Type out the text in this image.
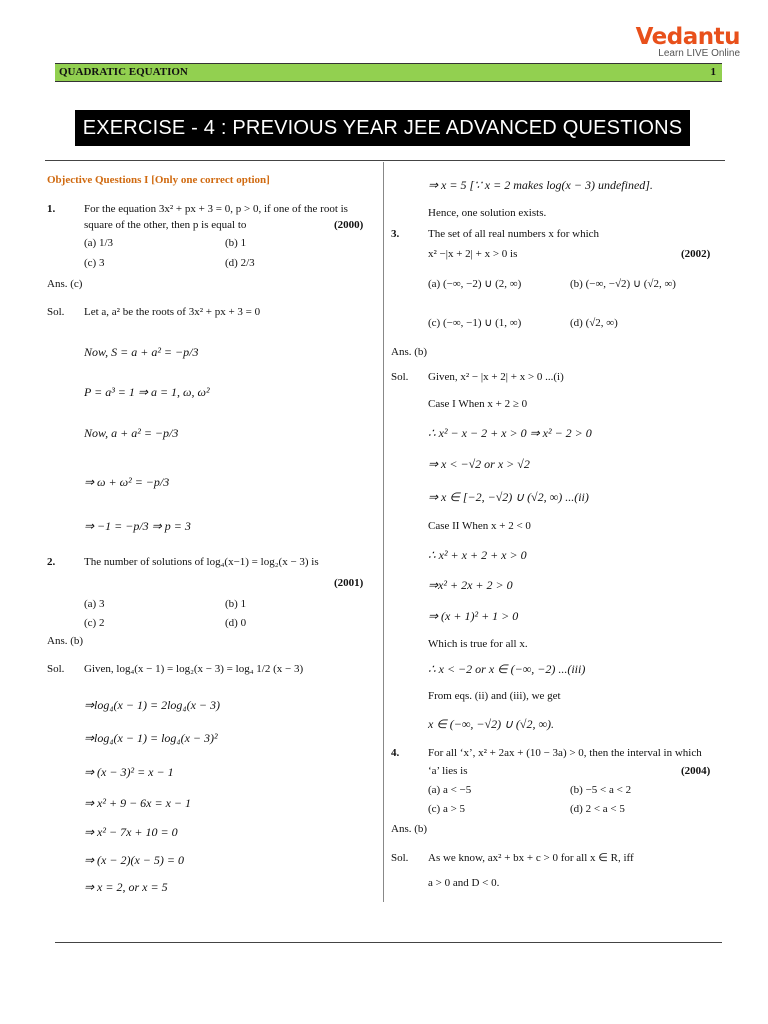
Vedantu
Learn LIVE Online
QUADRATIC EQUATION	1
EXERCISE - 4 : PREVIOUS YEAR JEE ADVANCED QUESTIONS
Objective Questions I [Only one correct option]
1.	For the equation 3x² + px + 3 = 0, p > 0, if one of the root is
square of the other, then p is equal to	(2000)
(a) 1/3	(b) 1
(c) 3	(d) 2/3
Ans. (c)
Sol. Let a, a² be the roots of 3x² + px + 3 = 0
Now, S = a + a² = −p/3
P = a³ = 1 ⇒ a = 1, ω, ω²
Now, a + a² = −p/3
⇒ ω + ω² = −p/3
⇒ −1 = −p/3 ⇒ p = 3
2.	The number of solutions of log₄(x−1) = log₂(x − 3) is
(2001)
(a) 3	(b) 1
(c) 2	(d) 0
Ans. (b)
Sol. Given, log₄(x − 1) = log₂(x − 3) = log₄ 1/2 (x − 3)
⇒log₄(x − 1) = 2log₄(x − 3)
⇒log₄(x − 1) = log₄(x − 3)²
⇒ (x − 3)² = x − 1
⇒ x² + 9 − 6x = x − 1
⇒ x² − 7x + 10 = 0
⇒ (x − 2)(x − 5) = 0
⇒ x = 2, or x = 5
⇒ x = 5 [∵ x = 2 makes log(x − 3) undefined].
Hence, one solution exists.
3.	The set of all real numbers x for which
x² −|x + 2| + x > 0 is	(2002)
(a) (−∞, −2) ∪ (2, ∞)	(b) (−∞, −√2) ∪ (√2, ∞)
(c) (−∞, −1) ∪ (1, ∞)	(d) (√2, ∞)
Ans. (b)
Sol. Given, x² − |x + 2| + x > 0 ...(i)
Case I When x + 2 ≥ 0
∴ x² − x − 2 + x > 0 ⇒ x² − 2 > 0
⇒ x < −√2 or x > √2
⇒ x ∈ [−2, −√2) ∪ (√2, ∞) ...(ii)
Case II When x + 2 < 0
∴ x² + x + 2 + x > 0
⇒x² + 2x + 2 > 0
⇒ (x + 1)² + 1 > 0
Which is true for all x.
∴ x < −2 or x ∈ (−∞, −2) ...(iii)
From eqs. (ii) and (iii), we get
x ∈ (−∞, −√2) ∪ (√2, ∞).
4.	For all ‘x’, x² + 2ax + (10 − 3a) > 0, then the interval in which
‘a’ lies is	(2004)
(a) a < −5	(b) −5 < a < 2
(c) a > 5	(d) 2 < a < 5
Ans. (b)
Sol. As we know, ax² + bx + c > 0 for all x ∈ R, iff
a > 0 and D < 0.
